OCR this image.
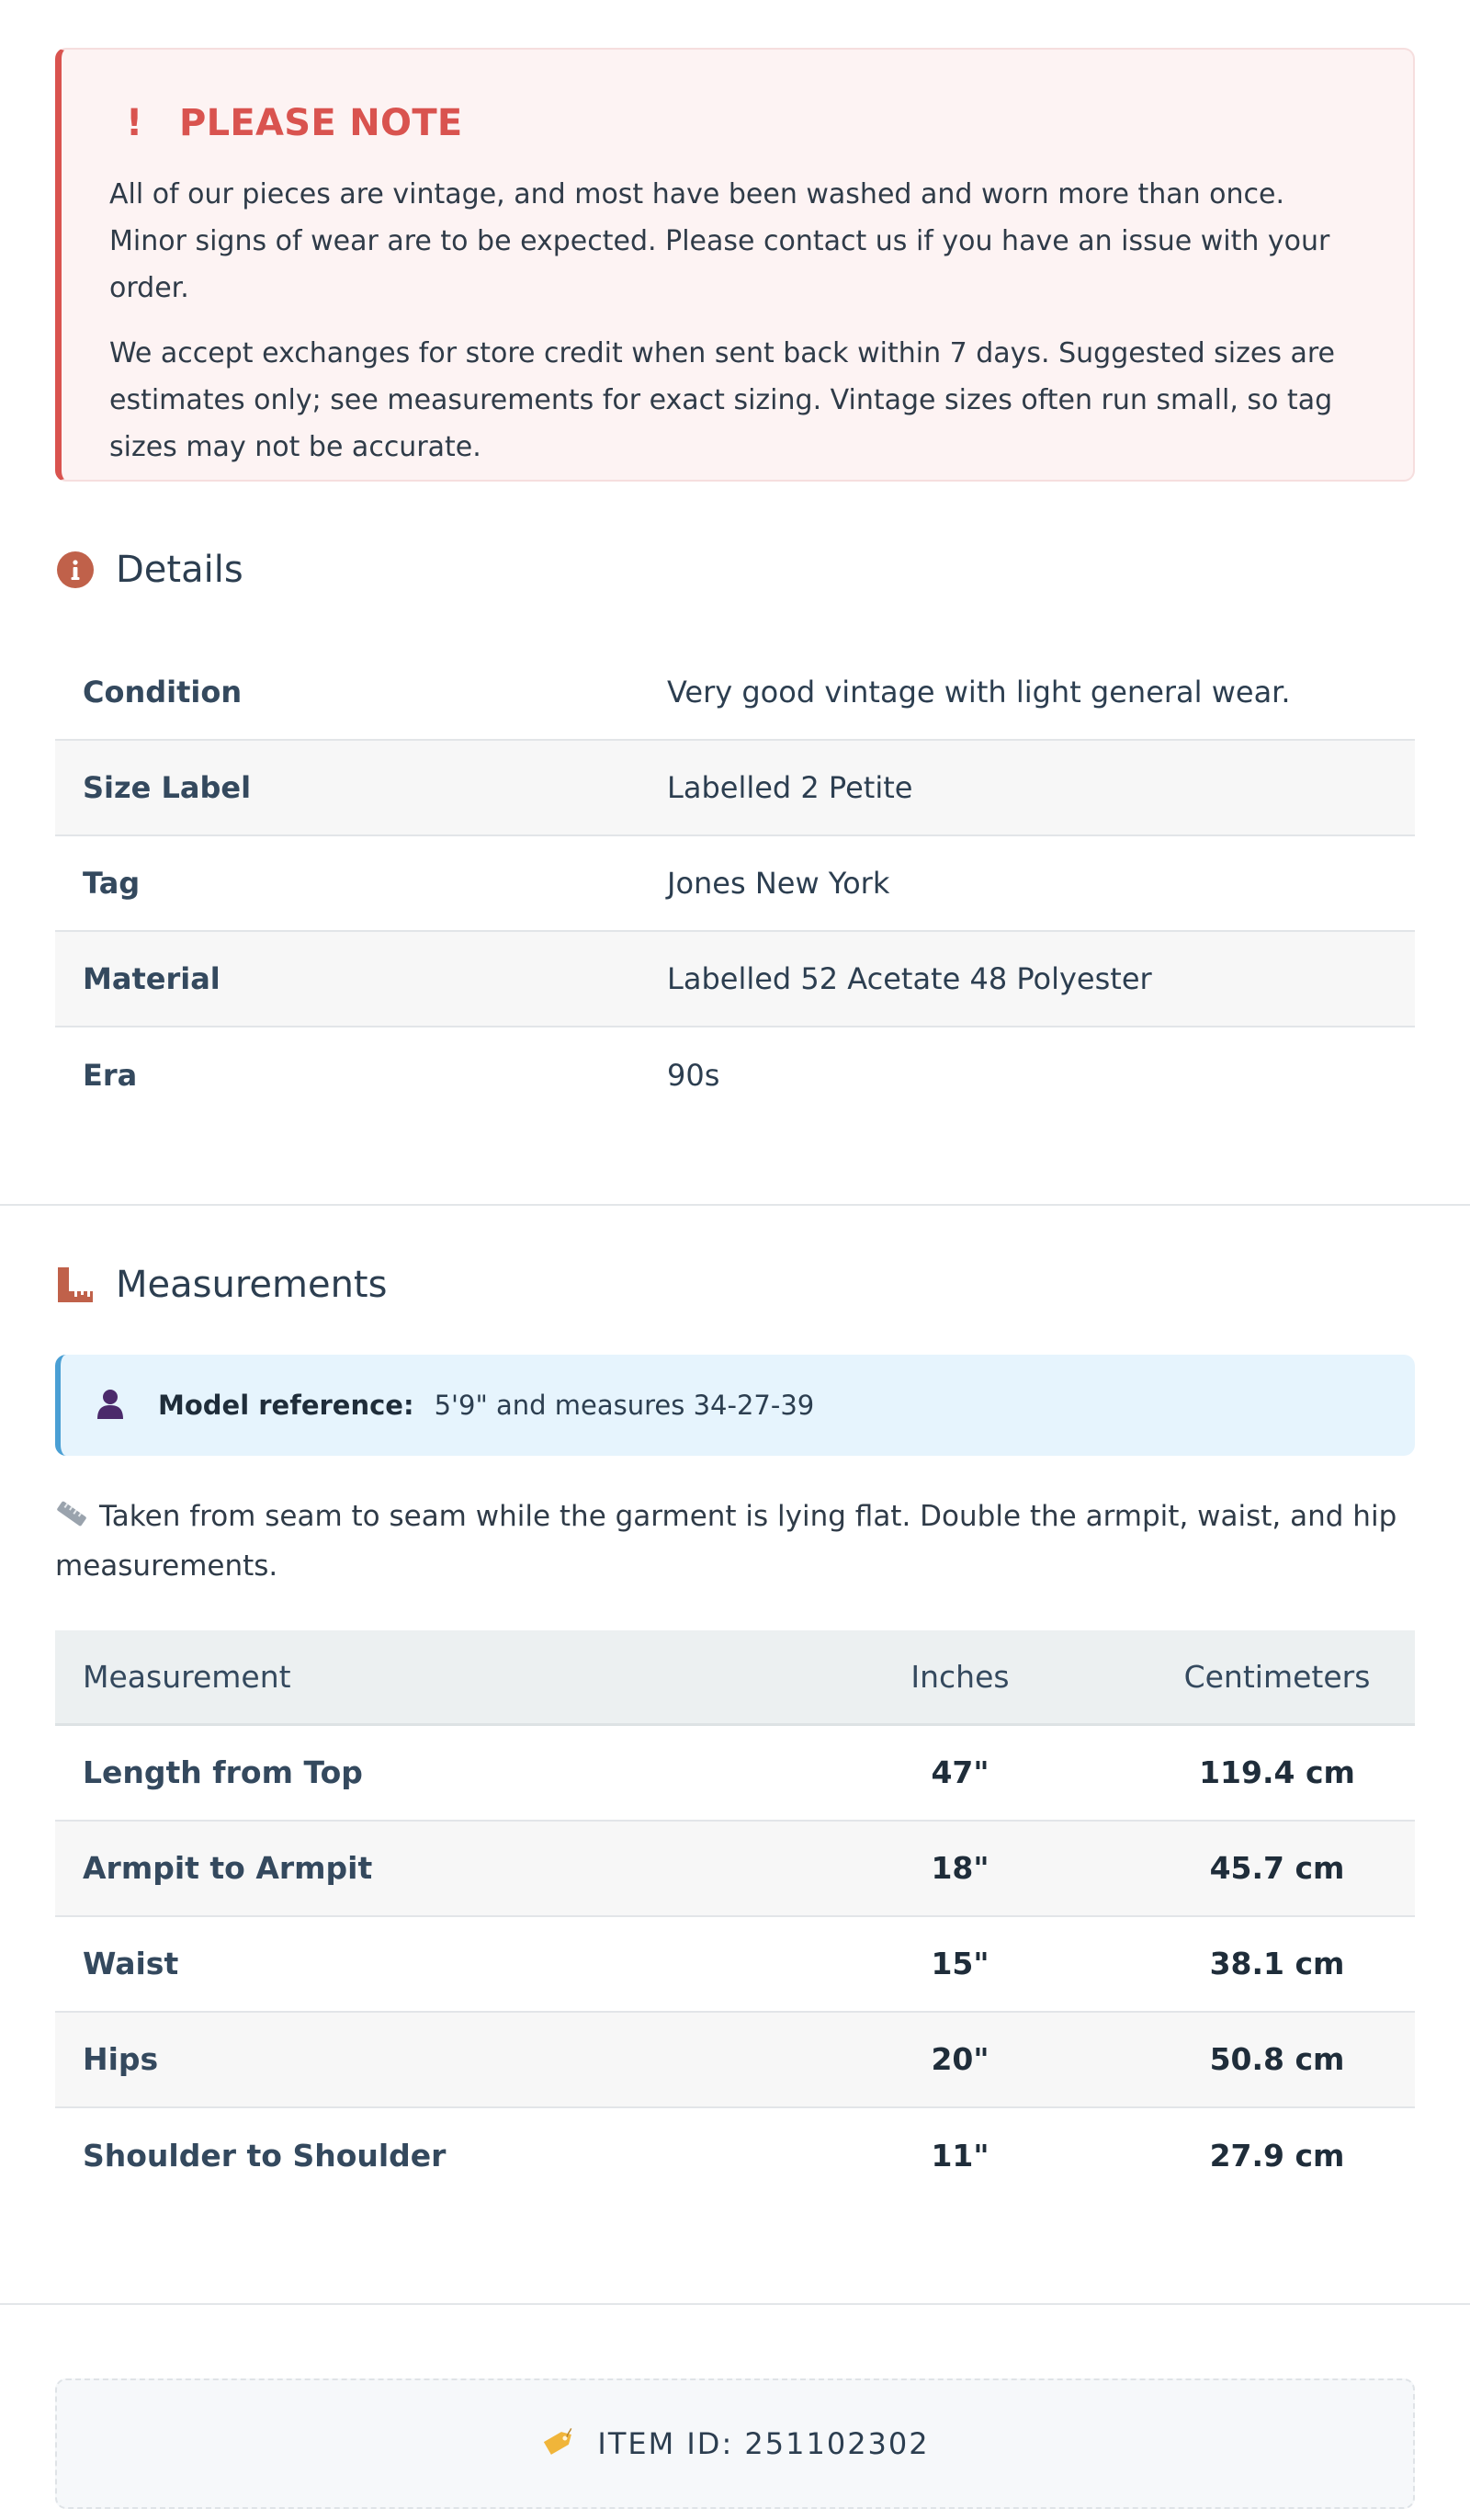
! PLEASE NOTE

All of our pieces are vintage, and most have been washed and worn more than once. Minor signs of wear are to be expected. Please contact us if you have an issue with your order.

We accept exchanges for store credit when sent back within 7 days. Suggested sizes are estimates only; see measurements for exact sizing. Vintage sizes often run small, so tag sizes may not be accurate.

Details
Condition	Very good vintage with light general wear.
Size Label	Labelled 2 Petite
Tag	Jones New York
Material	Labelled 52 Acetate 48 Polyester
Era	90s
Measurements
Model reference: 5'9" and measures 34-27-39
Taken from seam to seam while the garment is lying flat. Double the armpit, waist, and hip measurements.
Measurement	Inches	Centimeters
Length from Top	47"	119.4 cm
Armpit to Armpit	18"	45.7 cm
Waist	15"	38.1 cm
Hips	20"	50.8 cm
Shoulder to Shoulder	11"	27.9 cm
ITEM ID: 251102302
